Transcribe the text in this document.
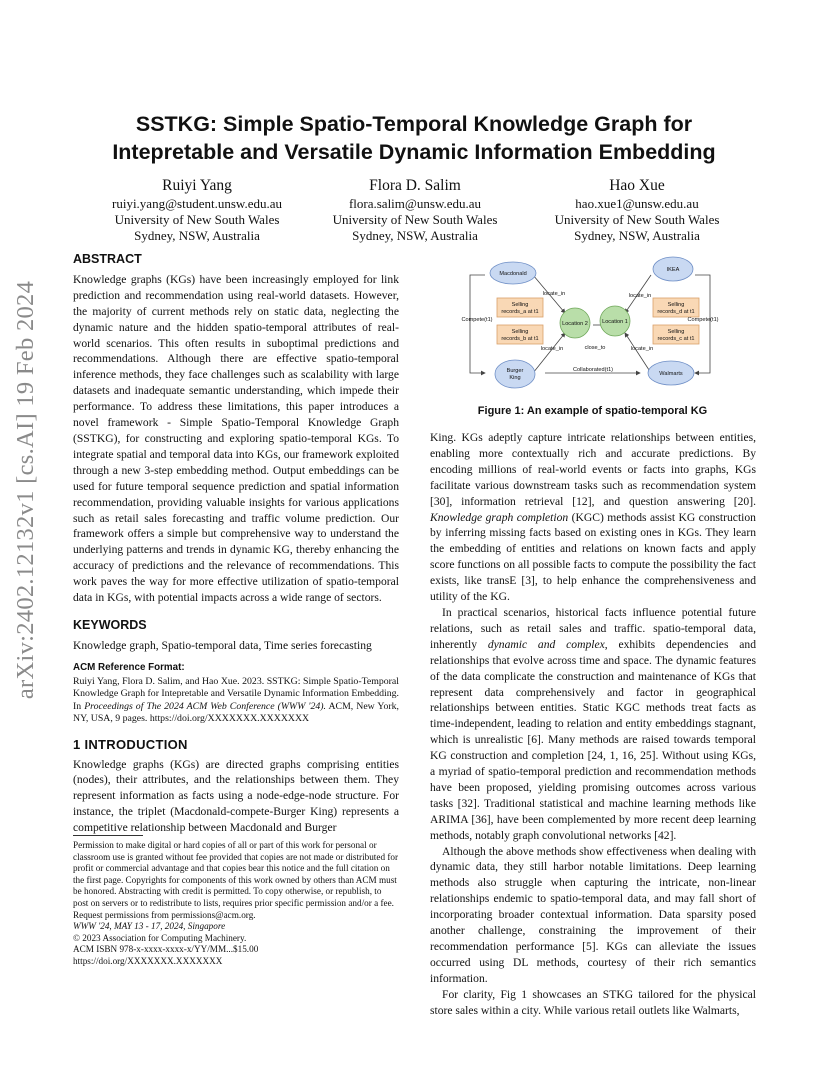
arXiv:2402.12132v1 [cs.AI] 19 Feb 2024
SSTKG: Simple Spatio-Temporal Knowledge Graph for
Intepretable and Versatile Dynamic Information Embedding
Ruiyi Yang
ruiyi.yang@student.unsw.edu.au
University of New South Wales
Sydney, NSW, Australia
Flora D. Salim
flora.salim@unsw.edu.au
University of New South Wales
Sydney, NSW, Australia
Hao Xue
hao.xue1@unsw.edu.au
University of New South Wales
Sydney, NSW, Australia
ABSTRACT

Knowledge graphs (KGs) have been increasingly employed for link prediction and recommendation using real-world datasets. However, the majority of current methods rely on static data, neglecting the dynamic nature and the hidden spatio-temporal attributes of real-world scenarios. This often results in suboptimal predictions and recommendations. Although there are effective spatio-temporal inference methods, they face challenges such as scalability with large datasets and inadequate semantic understanding, which impede their performance. To address these limitations, this paper introduces a novel framework - Simple Spatio-Temporal Knowledge Graph (SSTKG), for constructing and exploring spatio-temporal KGs. To integrate spatial and temporal data into KGs, our framework exploited through a new 3-step embedding method. Output embeddings can be used for future temporal sequence prediction and spatial information recommendation, providing valuable insights for various applications such as retail sales forecasting and traffic volume prediction. Our framework offers a simple but comprehensive way to understand the underlying patterns and trends in dynamic KG, thereby enhancing the accuracy of predictions and the relevance of recommendations. This work paves the way for more effective utilization of spatio-temporal data in KGs, with potential impacts across a wide range of sectors.

KEYWORDS

Knowledge graph, Spatio-temporal data, Time series forecasting

ACM Reference Format:

Ruiyi Yang, Flora D. Salim, and Hao Xue. 2023. SSTKG: Simple Spatio-Temporal Knowledge Graph for Intepretable and Versatile Dynamic Information Embedding. In Proceedings of The 2024 ACM Web Conference (WWW '24). ACM, New York, NY, USA, 9 pages. https://doi.org/XXXXXXX.XXXXXXX

1 INTRODUCTION

Knowledge graphs (KGs) are directed graphs comprising entities (nodes), their attributes, and the relationships between them. They represent information as facts using a node-edge-node structure. For instance, the triplet (Macdonald-compete-Burger King) represents a competitive relationship between Macdonald and Burger

Permission to make digital or hard copies of all or part of this work for personal or classroom use is granted without fee provided that copies are not made or distributed for profit or commercial advantage and that copies bear this notice and the full citation on the first page. Copyrights for components of this work owned by others than ACM must be honored. Abstracting with credit is permitted. To copy otherwise, or republish, to post on servers or to redistribute to lists, requires prior specific permission and/or a fee. Request permissions from permissions@acm.org.

WWW '24, MAY 13 - 17, 2024, Singapore

© 2023 Association for Computing Machinery.

ACM ISBN 978-x-xxxx-xxxx-x/YY/MM...$15.00

https://doi.org/XXXXXXX.XXXXXXX

Macdonald
Burger
King
IKEA
Walmarts
Location 2	Location 1
Selling
records_a at t1
Selling
records_b at t1
Selling
records_d at t1
Selling
records_c at t1
locate_in
locate_in
locate_in
locate_in
close_to
Compete(t1)	Compete(t1)
Collaborated(t1)
Figure 1: An example of spatio-temporal KG

King. KGs adeptly capture intricate relationships between entities, enabling more contextually rich and accurate predictions. By encoding millions of real-world events or facts into graphs, KGs facilitate various downstream tasks such as recommendation system [30], information retrieval [12], and question answering [20]. Knowledge graph completion (KGC) methods assist KG construction by inferring missing facts based on existing ones in KGs. They learn the embedding of entities and relations on known facts and apply score functions on all possible facts to compute the possibility the fact exists, like transE [3], to help enhance the comprehensiveness and utility of the KG.

In practical scenarios, historical facts influence potential future relations, such as retail sales and traffic. spatio-temporal data, inherently dynamic and complex, exhibits dependencies and relationships that evolve across time and space. The dynamic features of the data complicate the construction and maintenance of KGs that represent data comprehensively and factor in geographical relationships between entities. Static KGC methods treat facts as time-independent, leading to relation and entity embeddings stagnant, which is unrealistic [6]. Many methods are raised towards temporal KG construction and completion [24, 1, 16, 25]. Without using KGs, a myriad of spatio-temporal prediction and recommendation methods have been proposed, yielding promising outcomes across various tasks [32]. Traditional statistical and machine learning methods like ARIMA [36], have been complemented by more recent deep learning methods, notably graph convolutional networks [42].

Although the above methods show effectiveness when dealing with dynamic data, they still harbor notable limitations. Deep learning methods also struggle when capturing the intricate, non-linear relationships endemic to spatio-temporal data, and may fall short of incorporating broader contextual information. Data sparsity posed another challenge, constraining the improvement of their recommendation performance [5]. KGs can alleviate the issues occurred using DL methods, courtesy of their rich semantics information.

For clarity, Fig 1 showcases an STKG tailored for the physical store sales within a city. While various retail outlets like Walmarts,
